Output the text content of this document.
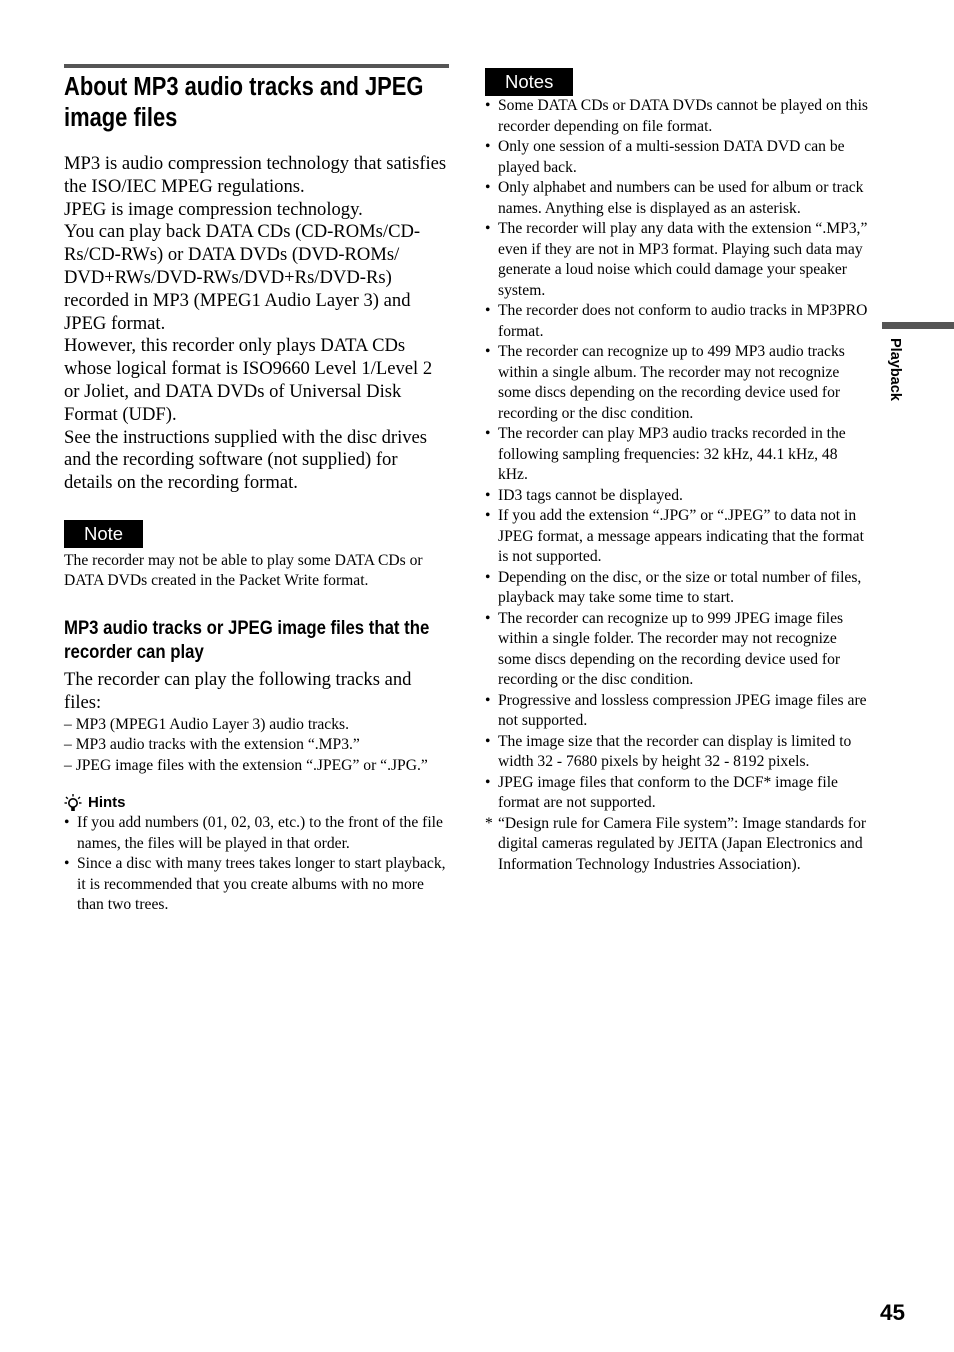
About MP3 audio tracks and JPEG image files

MP3 is audio compression technology that satisfies the ISO/IEC MPEG regulations.

JPEG is image compression technology.

You can play back DATA CDs (CD-ROMs/CD-Rs/CD-RWs) or DATA DVDs (DVD-ROMs/ DVD+RWs/DVD-RWs/DVD+Rs/DVD-Rs) recorded in MP3 (MPEG1 Audio Layer 3) and JPEG format.

However, this recorder only plays DATA CDs whose logical format is ISO9660 Level 1/Level 2 or Joliet, and DATA DVDs of Universal Disk Format (UDF).

See the instructions supplied with the disc drives and the recording software (not supplied) for details on the recording format.

Note

The recorder may not be able to play some DATA CDs or DATA DVDs created in the Packet Write format.

MP3 audio tracks or JPEG image files that the recorder can play

The recorder can play the following tracks and files:

– MP3 (MPEG1 Audio Layer 3) audio tracks.
– MP3 audio tracks with the extension “.MP3.”
– JPEG image files with the extension “.JPEG” or “.JPG.”
Hints
• If you add numbers (01, 02, 03, etc.) to the front of the file names, the files will be played in that order.
• Since a disc with many trees takes longer to start playback, it is recommended that you create albums with no more than two trees.
Notes
• Some DATA CDs or DATA DVDs cannot be played on this recorder depending on file format.
• Only one session of a multi-session DATA DVD can be played back.
• Only alphabet and numbers can be used for album or track names. Anything else is displayed as an asterisk.
• The recorder will play any data with the extension “.MP3,” even if they are not in MP3 format. Playing such data may generate a loud noise which could damage your speaker system.
• The recorder does not conform to audio tracks in MP3PRO format.
• The recorder can recognize up to 499 MP3 audio tracks within a single album. The recorder may not recognize some discs depending on the recording device used for recording or the disc condition.
• The recorder can play MP3 audio tracks recorded in the following sampling frequencies: 32 kHz, 44.1 kHz, 48 kHz.
• ID3 tags cannot be displayed.
• If you add the extension “.JPG” or “.JPEG” to data not in JPEG format, a message appears indicating that the format is not supported.
• Depending on the disc, or the size or total number of files, playback may take some time to start.
• The recorder can recognize up to 999 JPEG image files within a single folder. The recorder may not recognize some discs depending on the recording device used for recording or the disc condition.
• Progressive and lossless compression JPEG image files are not supported.
• The image size that the recorder can display is limited to width 32 - 7680 pixels by height 32 - 8192 pixels.
• JPEG image files that conform to the DCF* image file format are not supported.
* “Design rule for Camera File system”: Image standards for digital cameras regulated by JEITA (Japan Electronics and Information Technology Industries Association).
Playback
45
